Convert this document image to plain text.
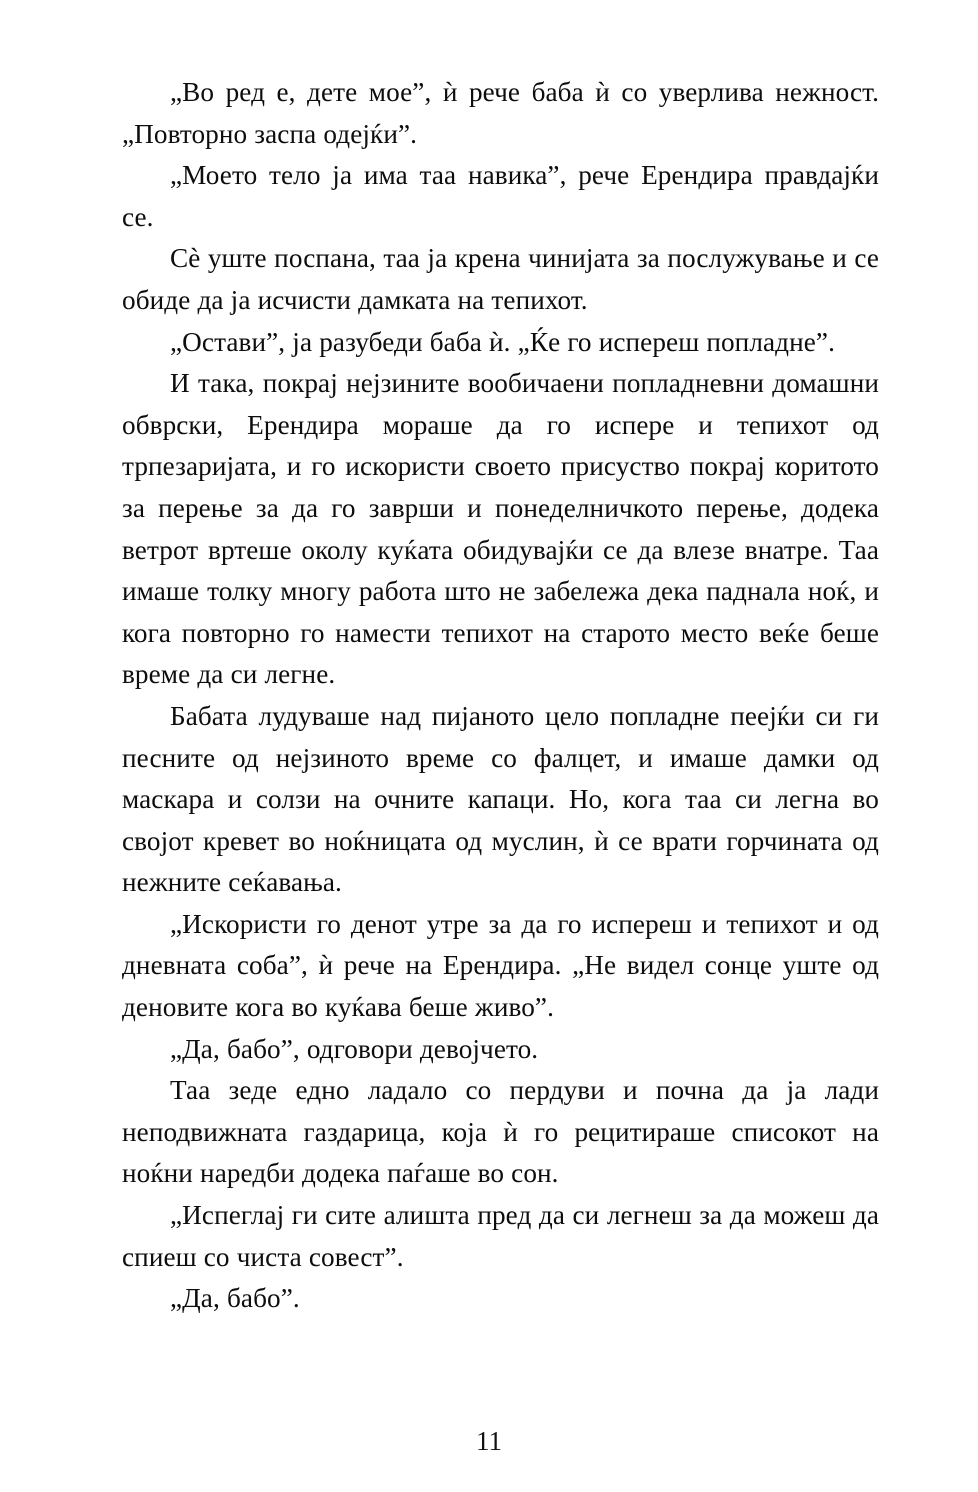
„Во ред е, дете мое”, ѝ рече баба ѝ со уверлива нежност. „Повторно заспа одејќи”.

„Моето тело ја има таа навика”, рече Ерендира правдајќи се.

Сѐ уште поспана, таа ја крена чинијата за послужување и се обиде да ја исчисти дамката на тепихот.

„Остави”, ја разубеди баба ѝ. „Ќе го испереш попладне”.

И така, покрај нејзините вообичаени попладневни домашни обврски, Ерендира мораше да го испере и тепихот од трпезаријата, и го искористи своето присуство покрај коритото за перење за да го заврши и понеделничкото перење, додека ветрот вртеше околу куќата обидувајќи се да влезе внатре. Таа имаше толку многу работа што не забележа дека паднала ноќ, и кога повторно го намести тепихот на старото место веќе беше време да си легне.

Бабата лудуваше над пијаното цело попладне пеејќи си ги песните од нејзиното време со фалцет, и имаше дамки од маскара и солзи на очните капаци. Но, кога таа си легна во својот кревет во ноќницата од муслин, ѝ се врати горчината од нежните сеќавања.

„Искористи го денот утре за да го испереш и тепихот и од дневната соба”, ѝ рече на Ерендира. „Не видел сонце уште од деновите кога во куќава беше живо”.

„Да, бабо”, одговори девојчето.

Таа зеде едно ладало со пердуви и почна да ја лади неподвижната газдарица, која ѝ го рецитираше списокот на ноќни наредби додека паѓаше во сон.

„Испеглај ги сите алишта пред да си легнеш за да можеш да спиеш со чиста совест”.

„Да, бабо”.

11
